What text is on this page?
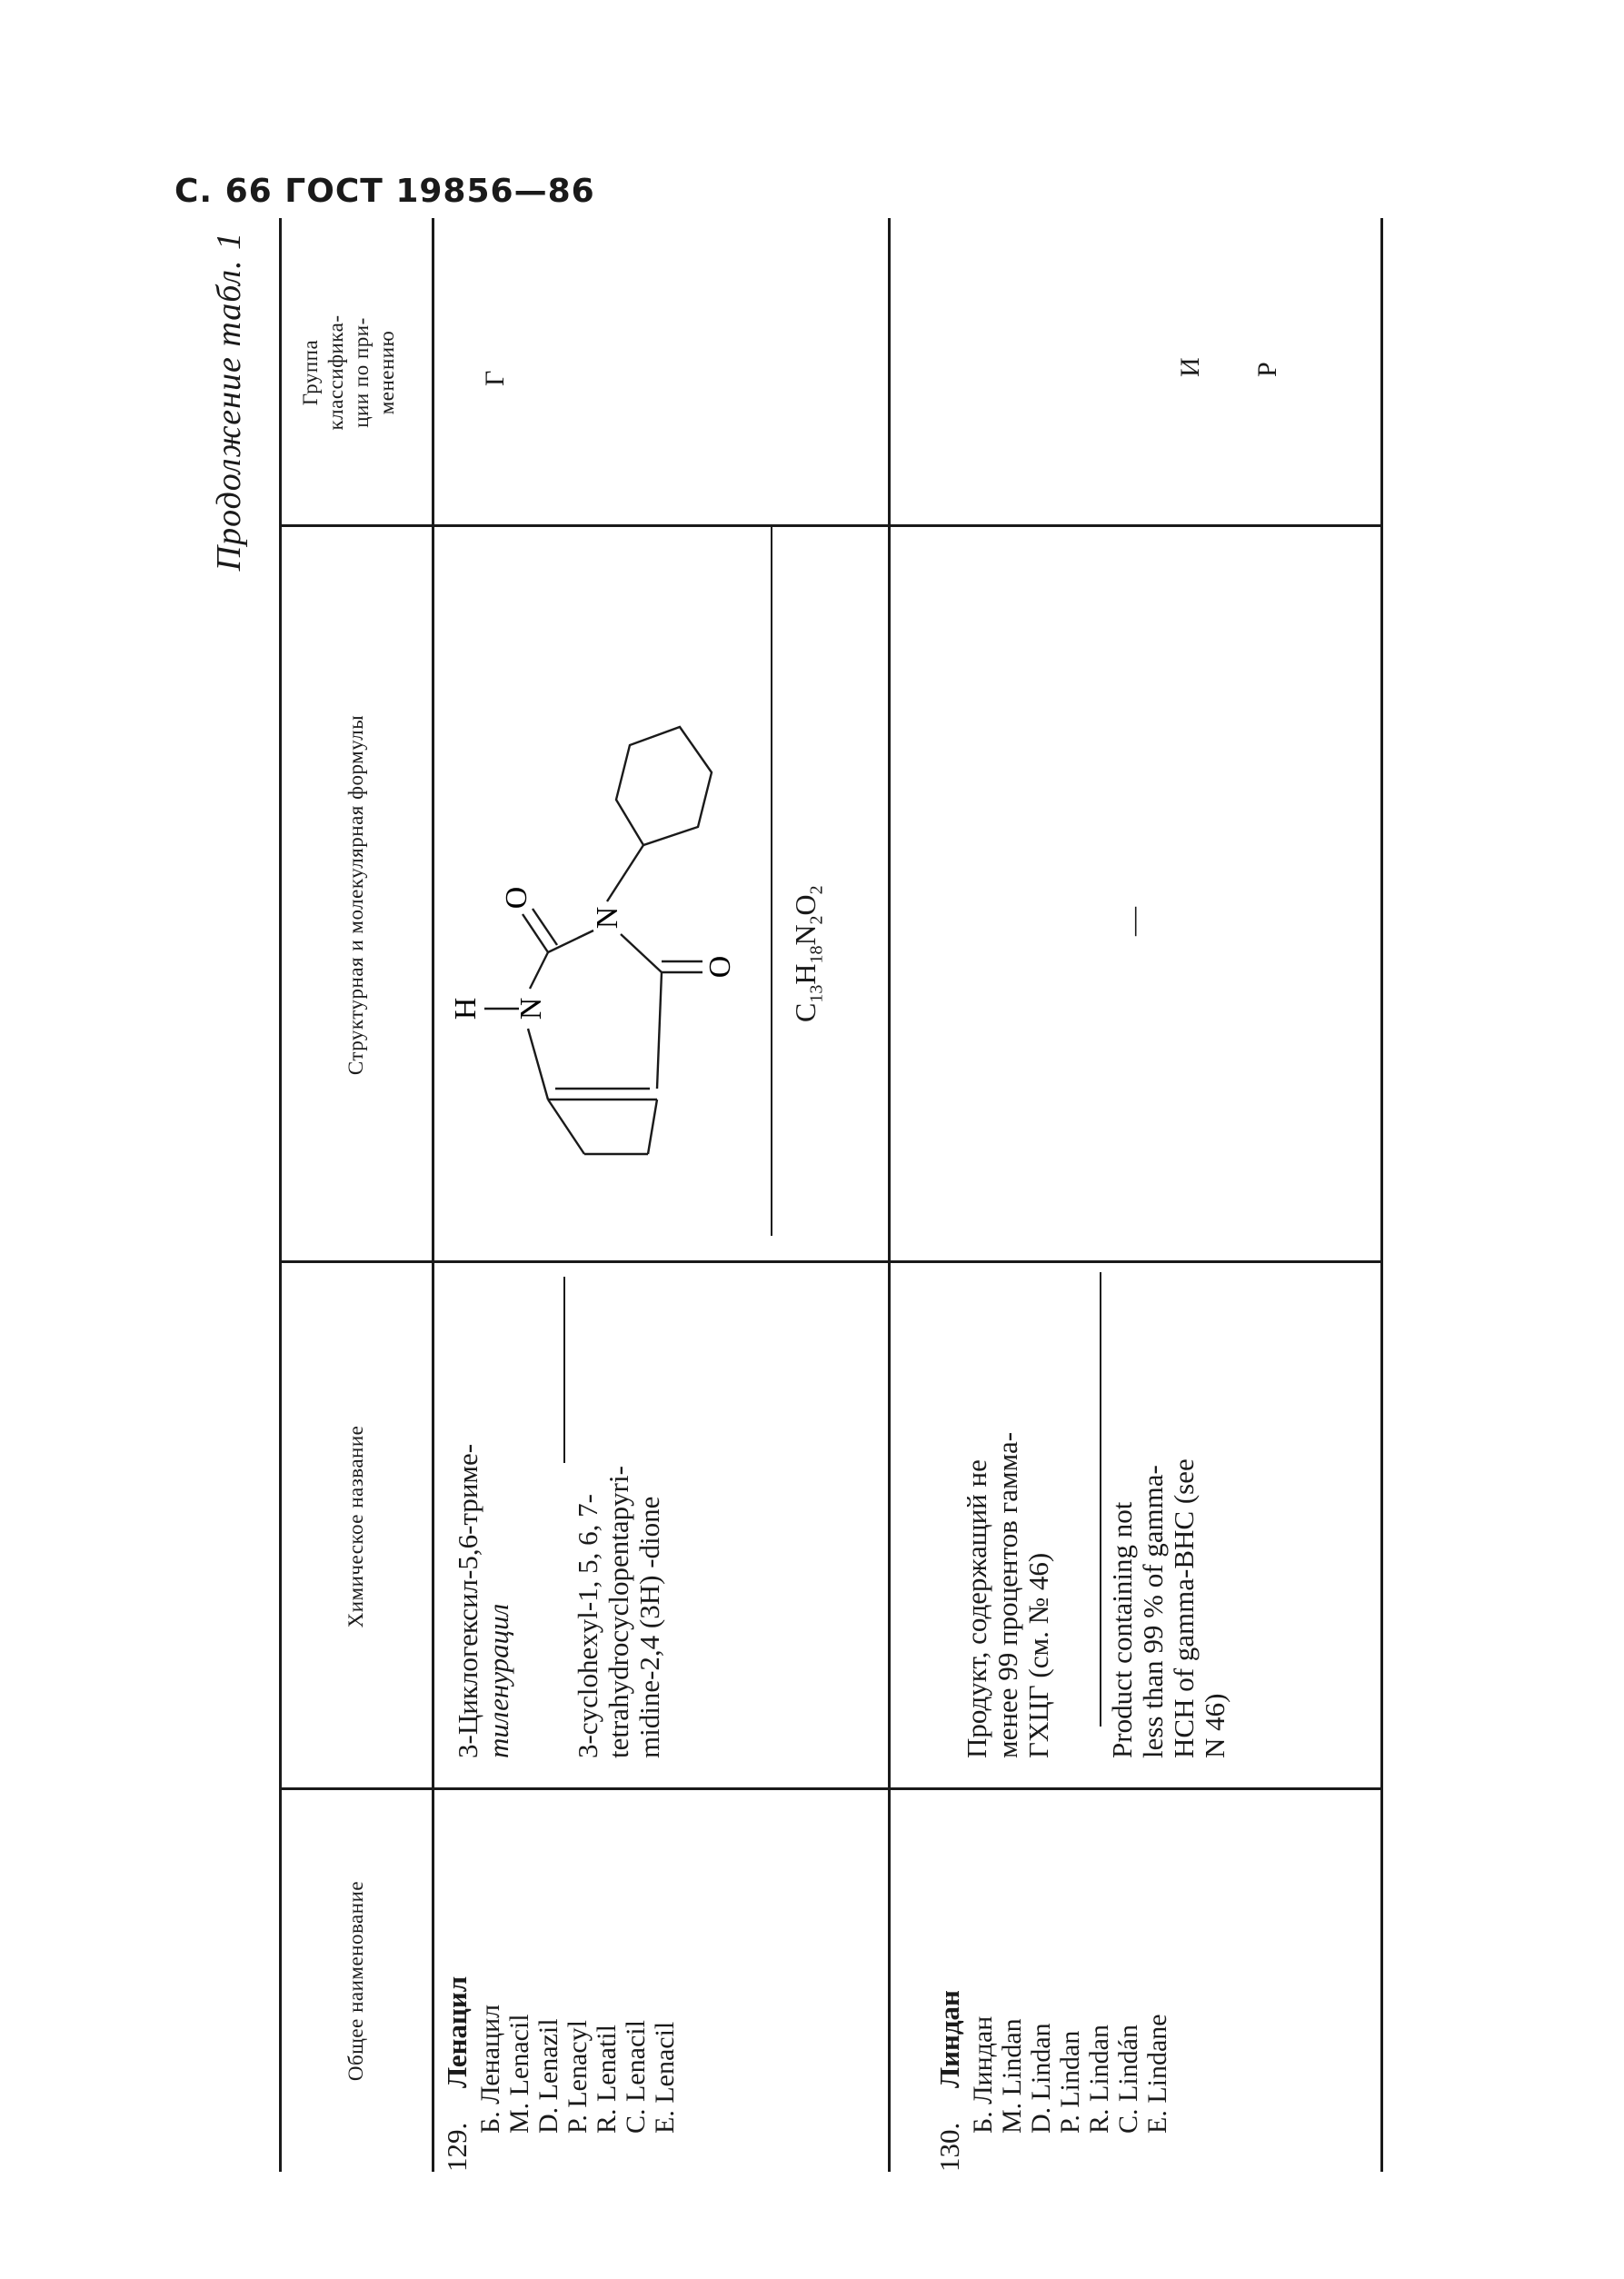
С. 66 ГОСТ 19856—86
Продолжение табл. 1
Общее наименование
Химическое название
Структурная и молекулярная формулы
Группа классифика- ции по при- менению
129.
Ленацил Б. Ленацил M. Lenacil D. Lenazil P. Lenacyl R. Lenatil C. Lenacil E. Lenacil
3-Циклогексил-5,6-триме- тиленурацил 3-cyclohexyl-1, 5, 6, 7- tetrahydrocyclopentapyri- midine-2,4 (3H) -dione
H N
N
O
O
$C_{13}H_{18}N_2O_2$
Г
130.
Линдан Б. Линдан M. Lindan D. Lindan P. Lindan R. Lindan C. Lindán E. Lindane
Продукт, содержащий не менее 99 процентов гамма- ГХЦГ (см. № 46) Product containing not less than 99 % of gamma- HCH of gamma-BHC (see N 46)
—
И Р
